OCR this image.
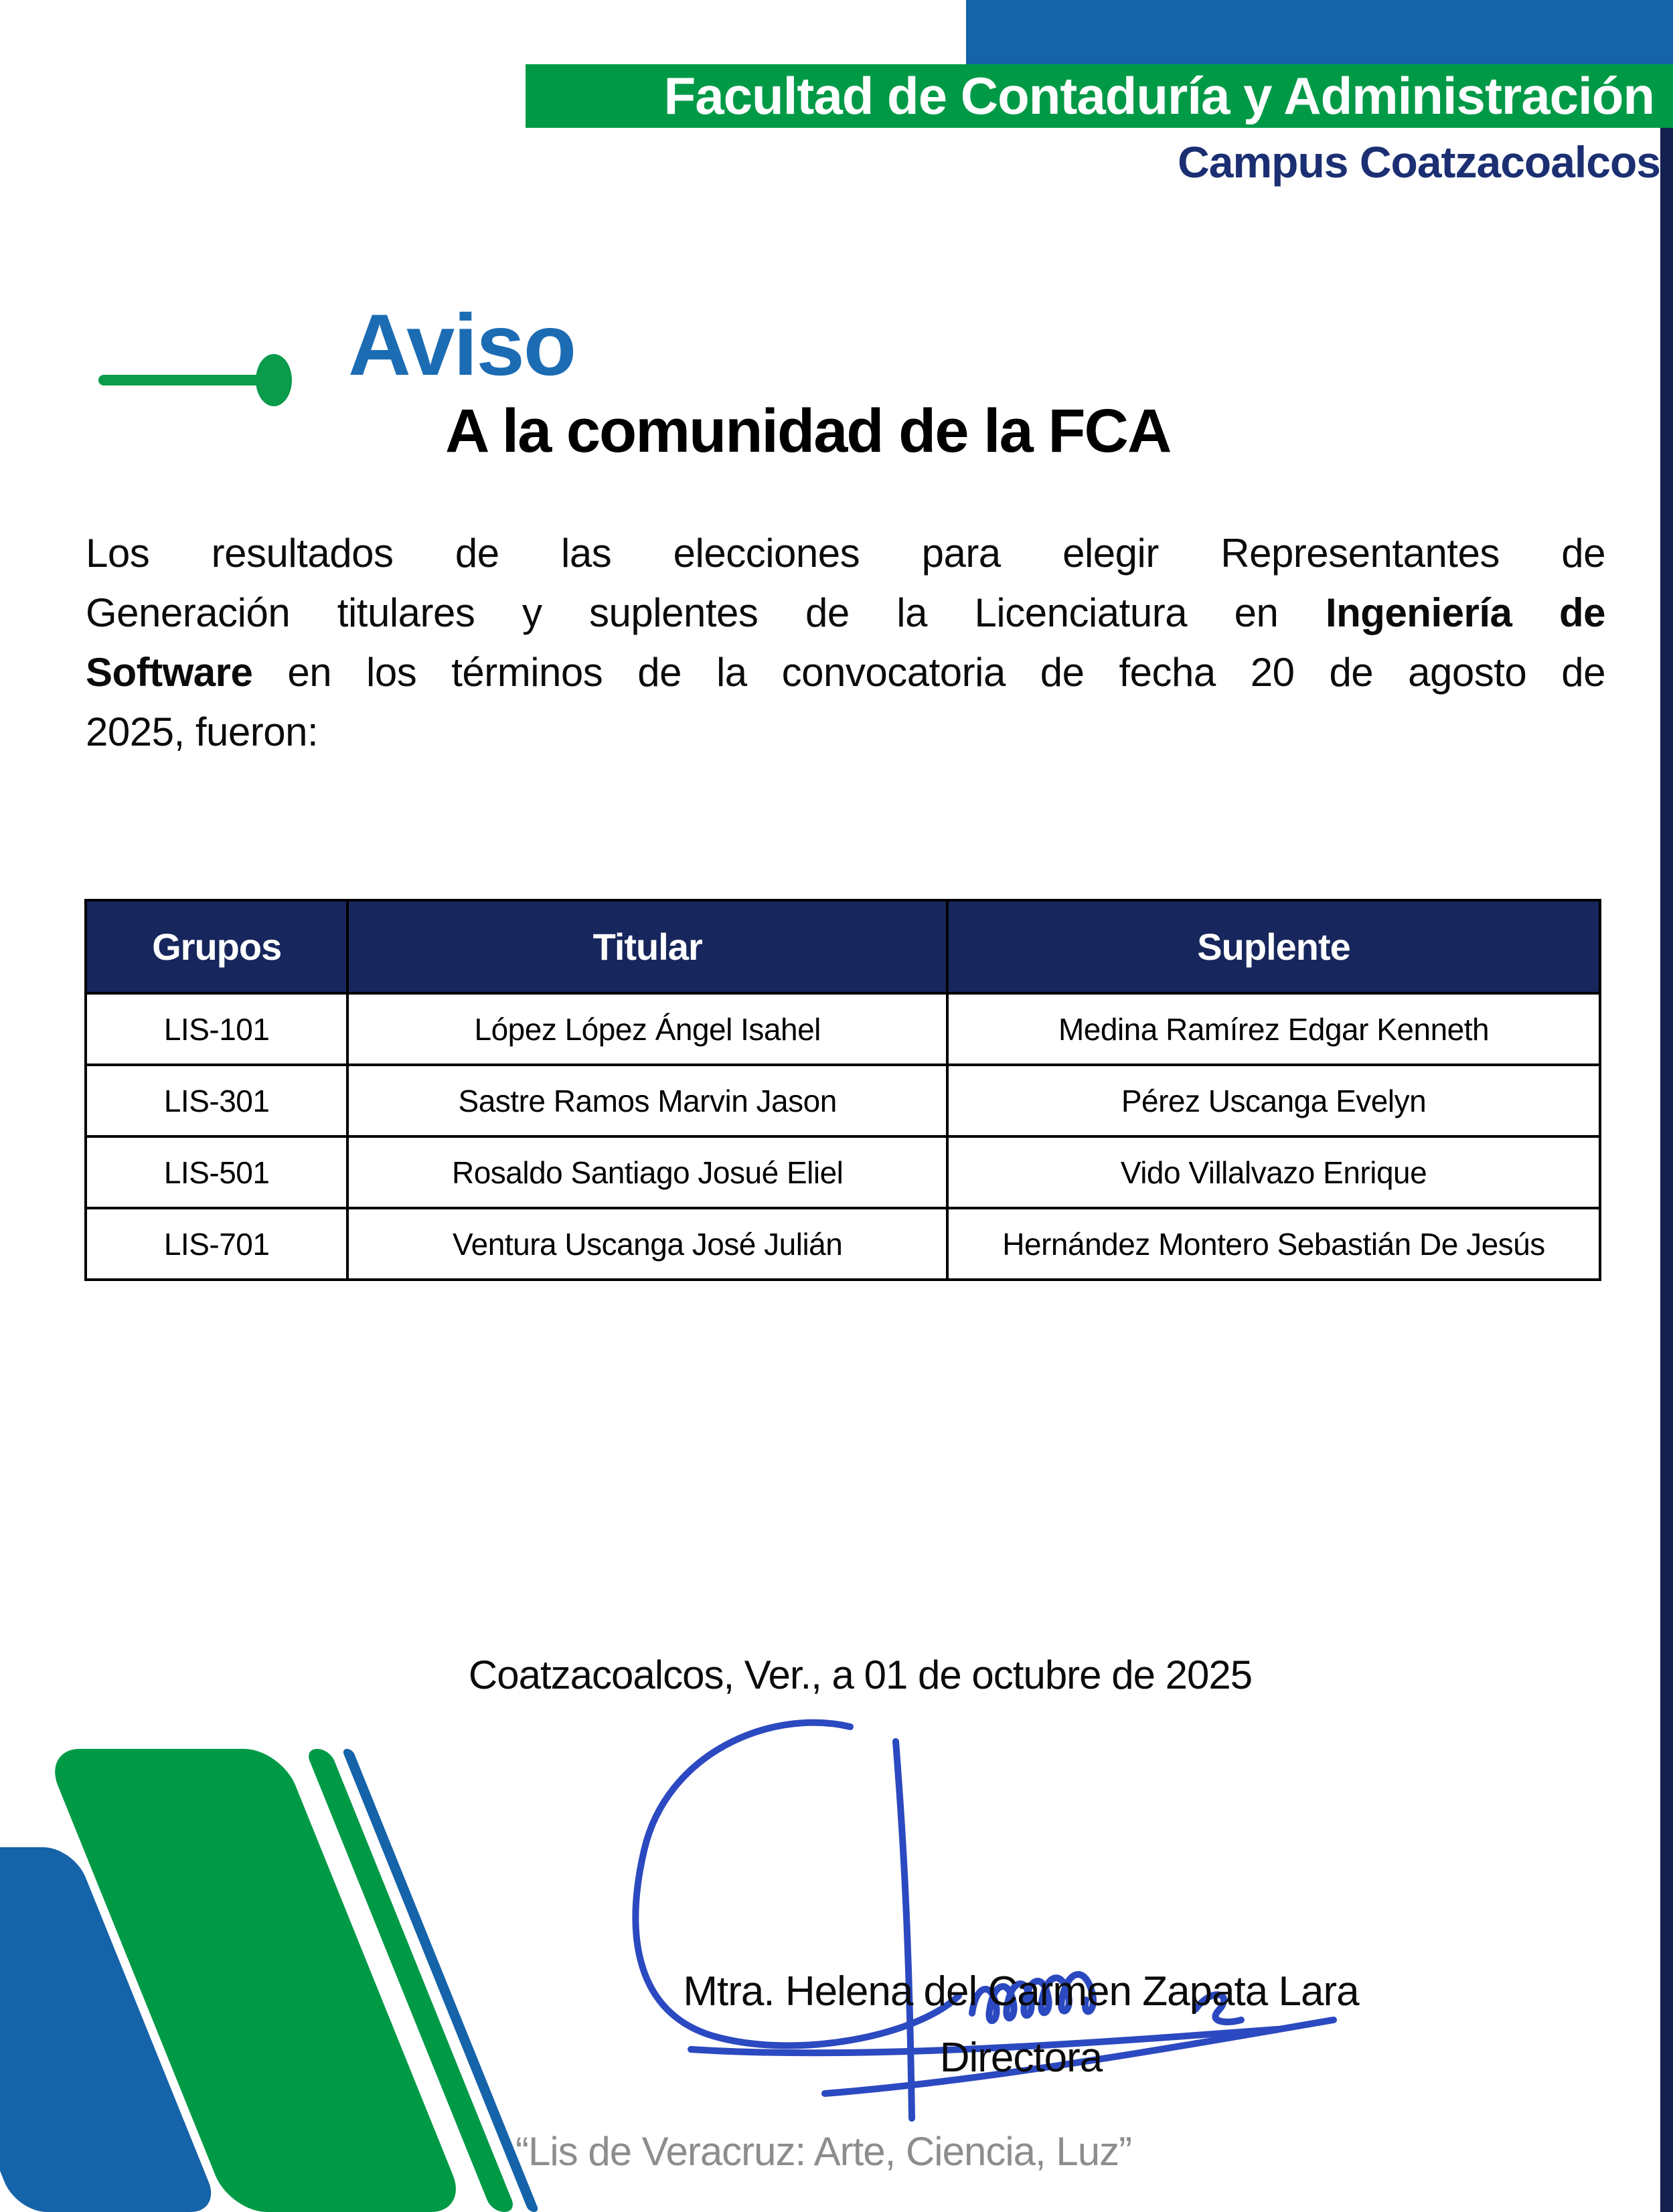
Facultad de Contaduría y Administración
Campus Coatzacoalcos
Aviso
A la comunidad de la FCA
Los resultados de las elecciones para elegir Representantes de
Generación titulares y suplentes de la Licenciatura en Ingeniería de
Software en los términos de la convocatoria de fecha 20 de agosto de
2025, fueron:
Grupos	Titular	Suplente
LIS-101	López López Ángel Isahel	Medina Ramírez Edgar Kenneth
LIS-301	Sastre Ramos Marvin Jason	Pérez Uscanga Evelyn
LIS-501	Rosaldo Santiago Josué Eliel	Vido Villalvazo Enrique
LIS-701	Ventura Uscanga José Julián	Hernández Montero Sebastián De Jesús
Coatzacoalcos, Ver., a 01 de octubre de 2025
Mtra. Helena del Carmen Zapata Lara
Directora
“Lis de Veracruz: Arte, Ciencia, Luz”
